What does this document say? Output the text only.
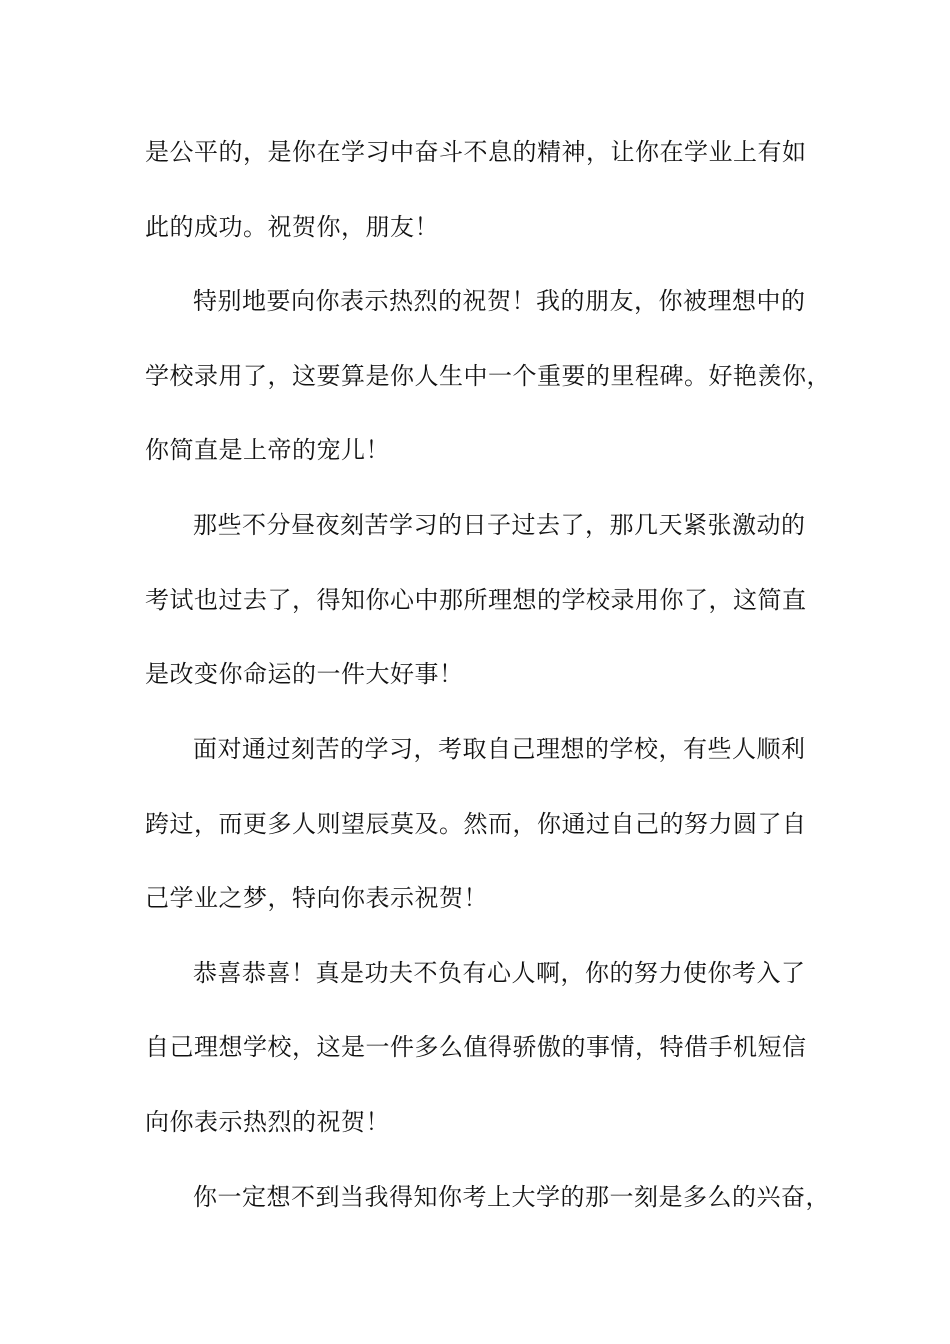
是公平的，是你在学习中奋斗不息的精神，让你在学业上有如

此的成功。祝贺你，朋友！

特别地要向你表示热烈的祝贺！我的朋友，你被理想中的

学校录用了，这要算是你人生中一个重要的里程碑。好艳羡你，

你简直是上帝的宠儿！

那些不分昼夜刻苦学习的日子过去了，那几天紧张激动的

考试也过去了，得知你心中那所理想的学校录用你了，这简直

是改变你命运的一件大好事！

面对通过刻苦的学习，考取自己理想的学校，有些人顺利

跨过，而更多人则望辰莫及。然而，你通过自己的努力圆了自

己学业之梦，特向你表示祝贺！

恭喜恭喜！真是功夫不负有心人啊，你的努力使你考入了

自己理想学校，这是一件多么值得骄傲的事情，特借手机短信

向你表示热烈的祝贺！

你一定想不到当我得知你考上大学的那一刻是多么的兴奋，
